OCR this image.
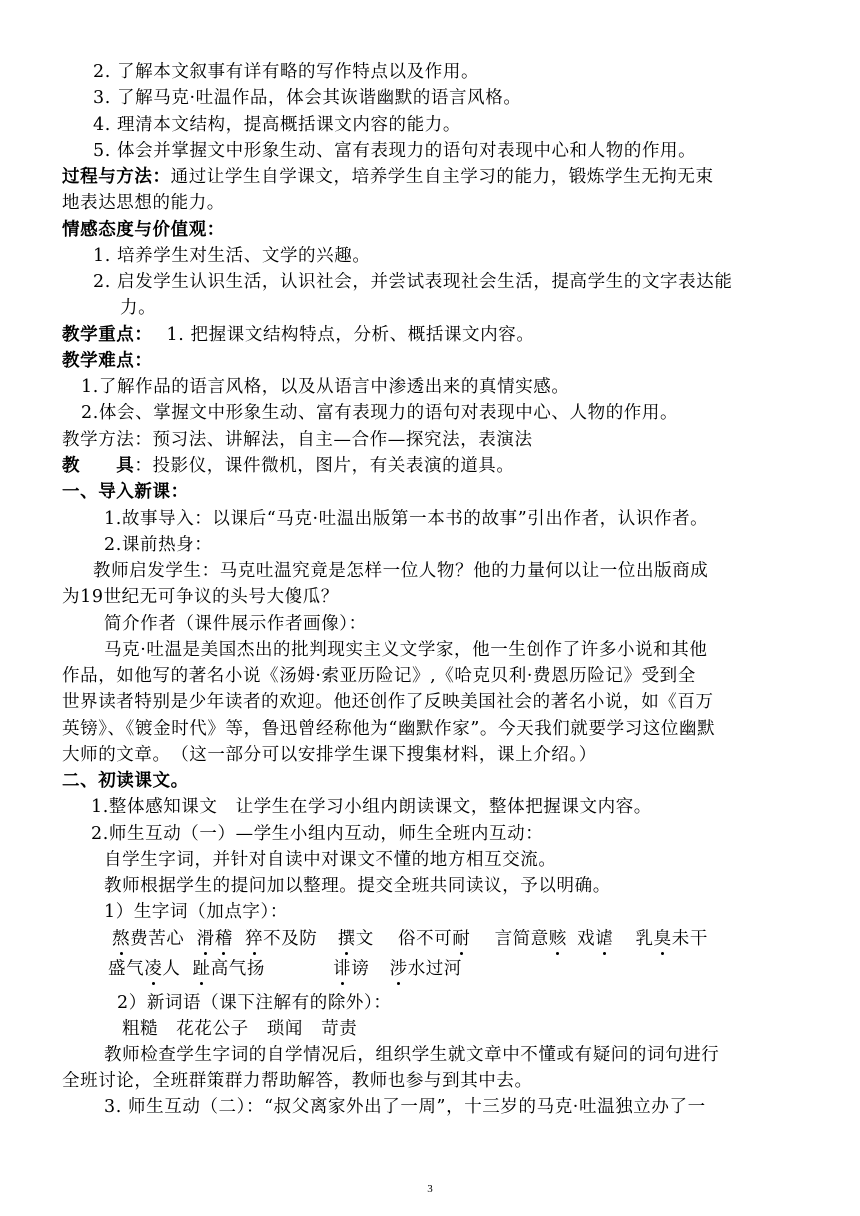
2. 了解本文叙事有详有略的写作特点以及作用。
3. 了解马克·吐温作品，体会其诙谐幽默的语言风格。
4. 理清本文结构，提高概括课文内容的能力。
5. 体会并掌握文中形象生动、富有表现力的语句对表现中心和人物的作用。
过程与方法：通过让学生自学课文，培养学生自主学习的能力，锻炼学生无拘无束
地表达思想的能力。
情感态度与价值观：
1. 培养学生对生活、文学的兴趣。
2. 启发学生认识生活，认识社会，并尝试表现社会生活，提高学生的文字表达能
力。
教学重点： 1. 把握课文结构特点，分析、概括课文内容。
教学难点：
1.了解作品的语言风格，以及从语言中渗透出来的真情实感。
2.体会、掌握文中形象生动、富有表现力的语句对表现中心、人物的作用。
教学方法：预习法、讲解法，自主—合作—探究法，表演法
教　　具：投影仪，课件微机，图片，有关表演的道具。
一、导入新课：
1.故事导入：以课后“马克·吐温出版第一本书的故事”引出作者，认识作者。
2.课前热身：
教师启发学生：马克吐温究竟是怎样一位人物？他的力量何以让一位出版商成
为19世纪无可争议的头号大傻瓜？
简介作者（课件展示作者画像）：
马克·吐温是美国杰出的批判现实主义文学家，他一生创作了许多小说和其他
作品，如他写的著名小说《汤姆·索亚历险记》,《哈克贝利·费恩历险记》受到全
世界读者特别是少年读者的欢迎。他还创作了反映美国社会的著名小说，如《百万
英镑》、《镀金时代》等，鲁迅曾经称他为“幽默作家”。今天我们就要学习这位幽默
大师的文章。　（这一部分可以安排学生课下搜集材料，课上介绍。）
二、初读课文。
1.整体感知课文　让学生在学习小组内朗读课文，整体把握课文内容。
2.师生互动（一）—学生小组内互动，师生全班内互动：
自学生字词，并针对自读中对课文不懂的地方相互交流。
教师根据学生的提问加以整理。提交全班共同读议，予以明确。
1）生字词（加点字）：
熬费苦心 滑稽 猝不及防 撰文 俗不可耐 言简意赅 戏谑 乳臭未干
盛气凌人 趾高气扬	诽谤 涉水过河
2）新词语（课下注解有的除外）：
粗糙　花花公子　琐闻　苛责
教师检查学生字词的自学情况后，组织学生就文章中不懂或有疑问的词句进行
全班讨论，全班群策群力帮助解答，教师也参与到其中去。
3. 师生互动（二）：“叔父离家外出了一周”，十三岁的马克·吐温独立办了一
3
